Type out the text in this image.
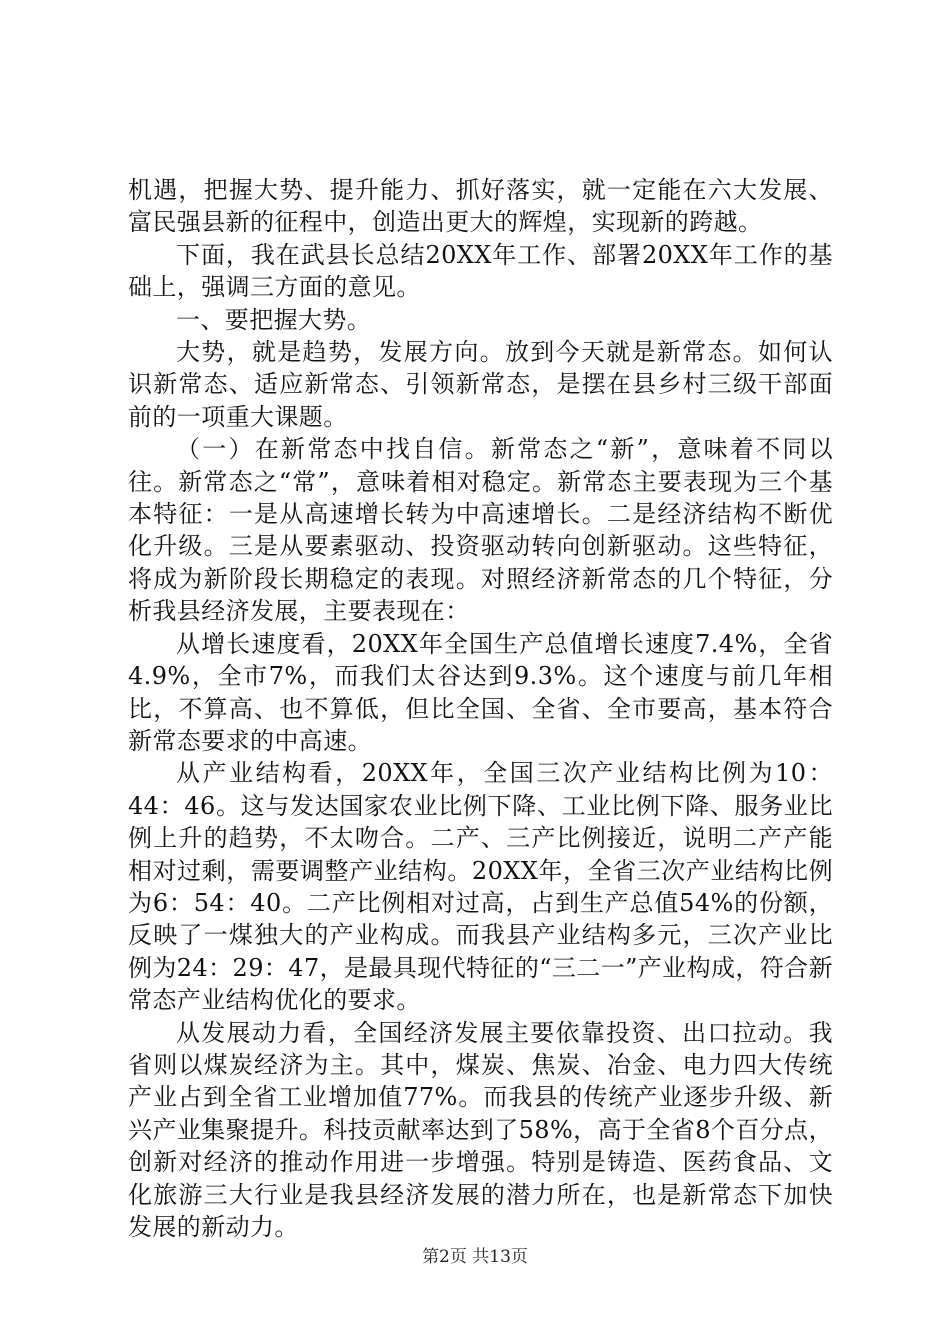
机遇，把握大势、提升能力、抓好落实，就一定能在六大发展、富民强县新的征程中，创造出更大的辉煌，实现新的跨越。

下面，我在武县长总结20XX年工作、部署20XX年工作的基础上，强调三方面的意见。

一、要把握大势。

大势，就是趋势，发展方向。放到今天就是新常态。如何认识新常态、适应新常态、引领新常态，是摆在县乡村三级干部面前的一项重大课题。

（一）在新常态中找自信。新常态之“新”，意味着不同以往。新常态之“常”，意味着相对稳定。新常态主要表现为三个基本特征：一是从高速增长转为中高速增长。二是经济结构不断优化升级。三是从要素驱动、投资驱动转向创新驱动。这些特征，将成为新阶段长期稳定的表现。对照经济新常态的几个特征，分析我县经济发展，主要表现在：

从增长速度看，20XX年全国生产总值增长速度7.4%，全省4.9%，全市7%，而我们太谷达到9.3%。这个速度与前几年相比，不算高、也不算低，但比全国、全省、全市要高，基本符合新常态要求的中高速。

从产业结构看，20XX年，全国三次产业结构比例为10：44：46。这与发达国家农业比例下降、工业比例下降、服务业比例上升的趋势，不太吻合。二产、三产比例接近，说明二产产能相对过剩，需要调整产业结构。20XX年，全省三次产业结构比例为6：54：40。二产比例相对过高，占到生产总值54%的份额，反映了一煤独大的产业构成。而我县产业结构多元，三次产业比例为24：29：47，是最具现代特征的“三二一”产业构成，符合新常态产业结构优化的要求。

从发展动力看，全国经济发展主要依靠投资、出口拉动。我省则以煤炭经济为主。其中，煤炭、焦炭、冶金、电力四大传统产业占到全省工业增加值77%。而我县的传统产业逐步升级、新兴产业集聚提升。科技贡献率达到了58%，高于全省8个百分点，创新对经济的推动作用进一步增强。特别是铸造、医药食品、文化旅游三大行业是我县经济发展的潜力所在，也是新常态下加快发展的新动力。

第2页 共13页
